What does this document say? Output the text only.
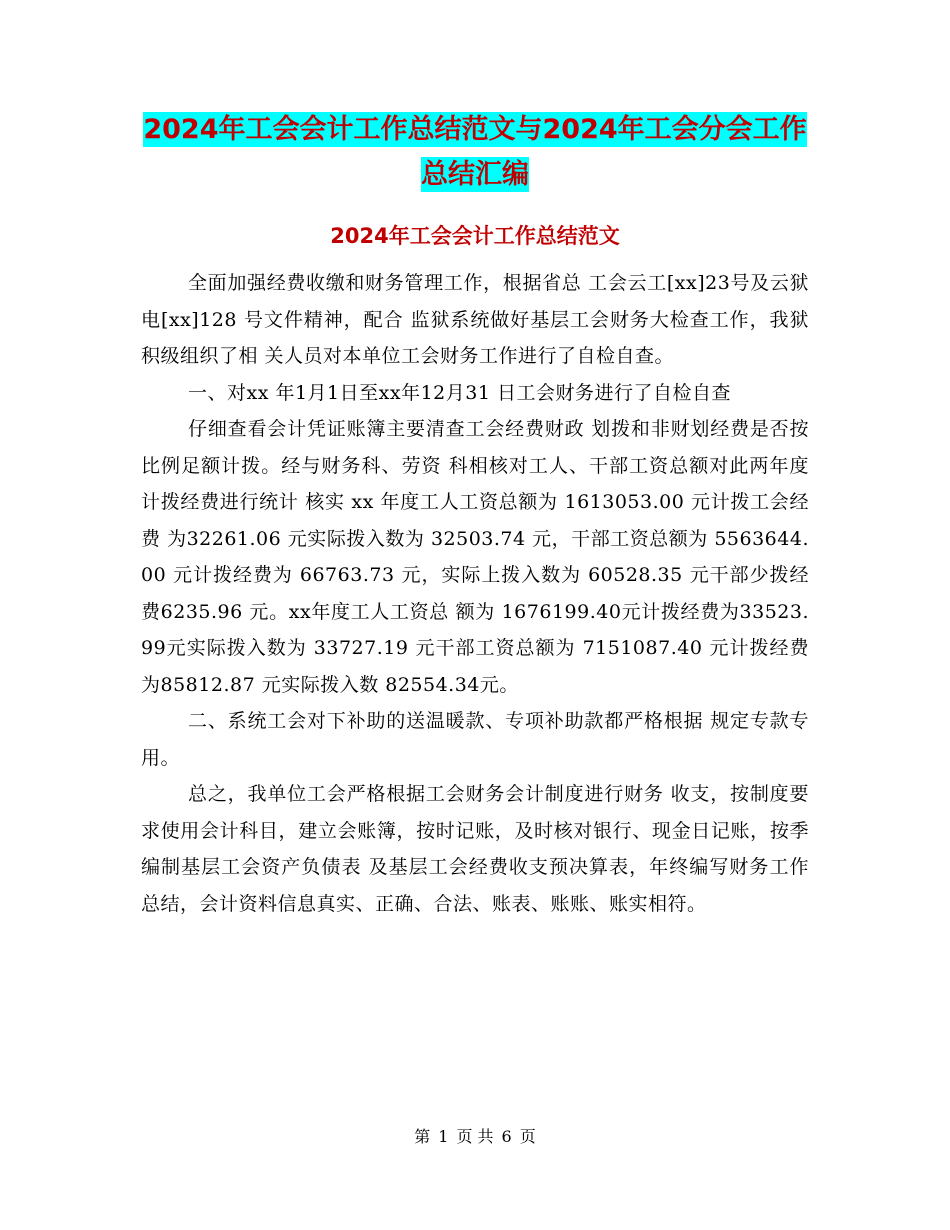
2024年工会会计工作总结范文与2024年工会分会工作
总结汇编
2024年工会会计工作总结范文

全面加强经费收缴和财务管理工作，根据省总 工会云工[xx]23号及云狱电[xx]128 号文件精神，配合 监狱系统做好基层工会财务大检查工作，我狱积级组织了相 关人员对本单位工会财务工作进行了自检自查。

一、对xx 年1月1日至xx年12月31 日工会财务进行了自检自查

仔细查看会计凭证账簿主要清查工会经费财政 划拨和非财划经费是否按比例足额计拨。经与财务科、劳资 科相核对工人、干部工资总额对此两年度计拨经费进行统计 核实 xx 年度工人工资总额为 1613053.00 元计拨工会经费 为32261.06 元实际拨入数为 32503.74 元，干部工资总额为 5563644.00 元计拨经费为 66763.73 元，实际上拨入数为 60528.35 元干部少拨经费6235.96 元。xx年度工人工资总 额为 1676199.40元计拨经费为33523.99元实际拨入数为 33727.19 元干部工资总额为 7151087.40 元计拨经费为85812.87 元实际拨入数 82554.34元。

二、系统工会对下补助的送温暖款、专项补助款都严格根据 规定专款专用。

总之，我单位工会严格根据工会财务会计制度进行财务 收支，按制度要求使用会计科目，建立会账簿，按时记账，及时核对银行、现金日记账，按季编制基层工会资产负债表 及基层工会经费收支预决算表，年终编写财务工作总结，会计资料信息真实、正确、合法、账表、账账、账实相符。

第 1 页 共 6 页
